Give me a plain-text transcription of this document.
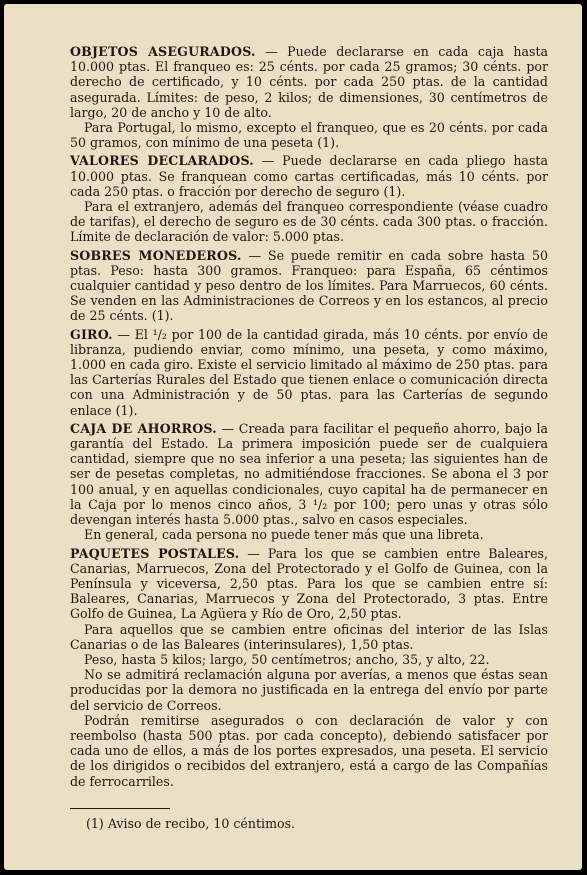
OBJETOS ASEGURADOS. — Puede declararse en cada caja hasta 10.000 ptas. El franqueo es: 25 cénts. por cada 25 gramos; 30 cénts. por derecho de certificado, y 10 cénts. por cada 250 ptas. de la cantidad asegurada. Límites: de peso, 2 kilos; de dimensiones, 30 centímetros de largo, 20 de ancho y 10 de alto.

Para Portugal, lo mismo, excepto el franqueo, que es 20 cénts. por cada 50 gramos, con mínimo de una peseta (1).

VALORES DECLARADOS. — Puede declararse en cada pliego hasta 10.000 ptas. Se franquean como cartas certificadas, más 10 cénts. por cada 250 ptas. o fracción por derecho de seguro (1).

Para el extranjero, además del franqueo correspondiente (véase cuadro de tarifas), el derecho de seguro es de 30 cénts. cada 300 ptas. o fracción. Límite de declaración de valor: 5.000 ptas.

SOBRES MONEDEROS. — Se puede remitir en cada sobre hasta 50 ptas. Peso: hasta 300 gramos. Franqueo: para España, 65 céntimos cualquier cantidad y peso dentro de los límites. Para Marruecos, 60 cénts. Se venden en las Administraciones de Correos y en los estancos, al precio de 25 cénts. (1).

GIRO. — El ¹/₂ por 100 de la cantidad girada, más 10 cénts. por envío de libranza, pudiendo enviar, como mínimo, una peseta, y como máximo, 1.000 en cada giro. Existe el servicio limitado al máximo de 250 ptas. para las Carterías Rurales del Estado que tienen enlace o comunicación directa con una Administración y de 50 ptas. para las Carterías de segundo enlace (1).

CAJA DE AHORROS. — Creada para facilitar el pequeño ahorro, bajo la garantía del Estado. La primera imposición puede ser de cualquiera cantidad, siempre que no sea inferior a una peseta; las siguientes han de ser de pesetas completas, no admitiéndose fracciones. Se abona el 3 por 100 anual, y en aquellas condicionales, cuyo capital ha de permanecer en la Caja por lo menos cinco años, 3 ¹/₂ por 100; pero unas y otras sólo devengan interés hasta 5.000 ptas., salvo en casos especiales.

En general, cada persona no puede tener más que una libreta.

PAQUETES POSTALES. — Para los que se cambien entre Baleares, Canarias, Marruecos, Zona del Protectorado y el Golfo de Guinea, con la Península y viceversa, 2,50 ptas. Para los que se cambien entre sí: Baleares, Canarias, Marruecos y Zona del Protectorado, 3 ptas. Entre Golfo de Guinea, La Agüera y Río de Oro, 2,50 ptas.

Para aquellos que se cambien entre oficinas del interior de las Islas Canarias o de las Baleares (interinsulares), 1,50 ptas.

Peso, hasta 5 kilos; largo, 50 centímetros; ancho, 35, y alto, 22.

No se admitirá reclamación alguna por averías, a menos que éstas sean producidas por la demora no justificada en la entrega del envío por parte del servicio de Correos.

Podrán remitirse asegurados o con declaración de valor y con reembolso (hasta 500 ptas. por cada concepto), debiendo satisfacer por cada uno de ellos, a más de los portes expresados, una peseta. El servicio de los dirigidos o recibidos del extranjero, está a cargo de las Compañías de ferrocarriles.

(1) Aviso de recibo, 10 céntimos.
